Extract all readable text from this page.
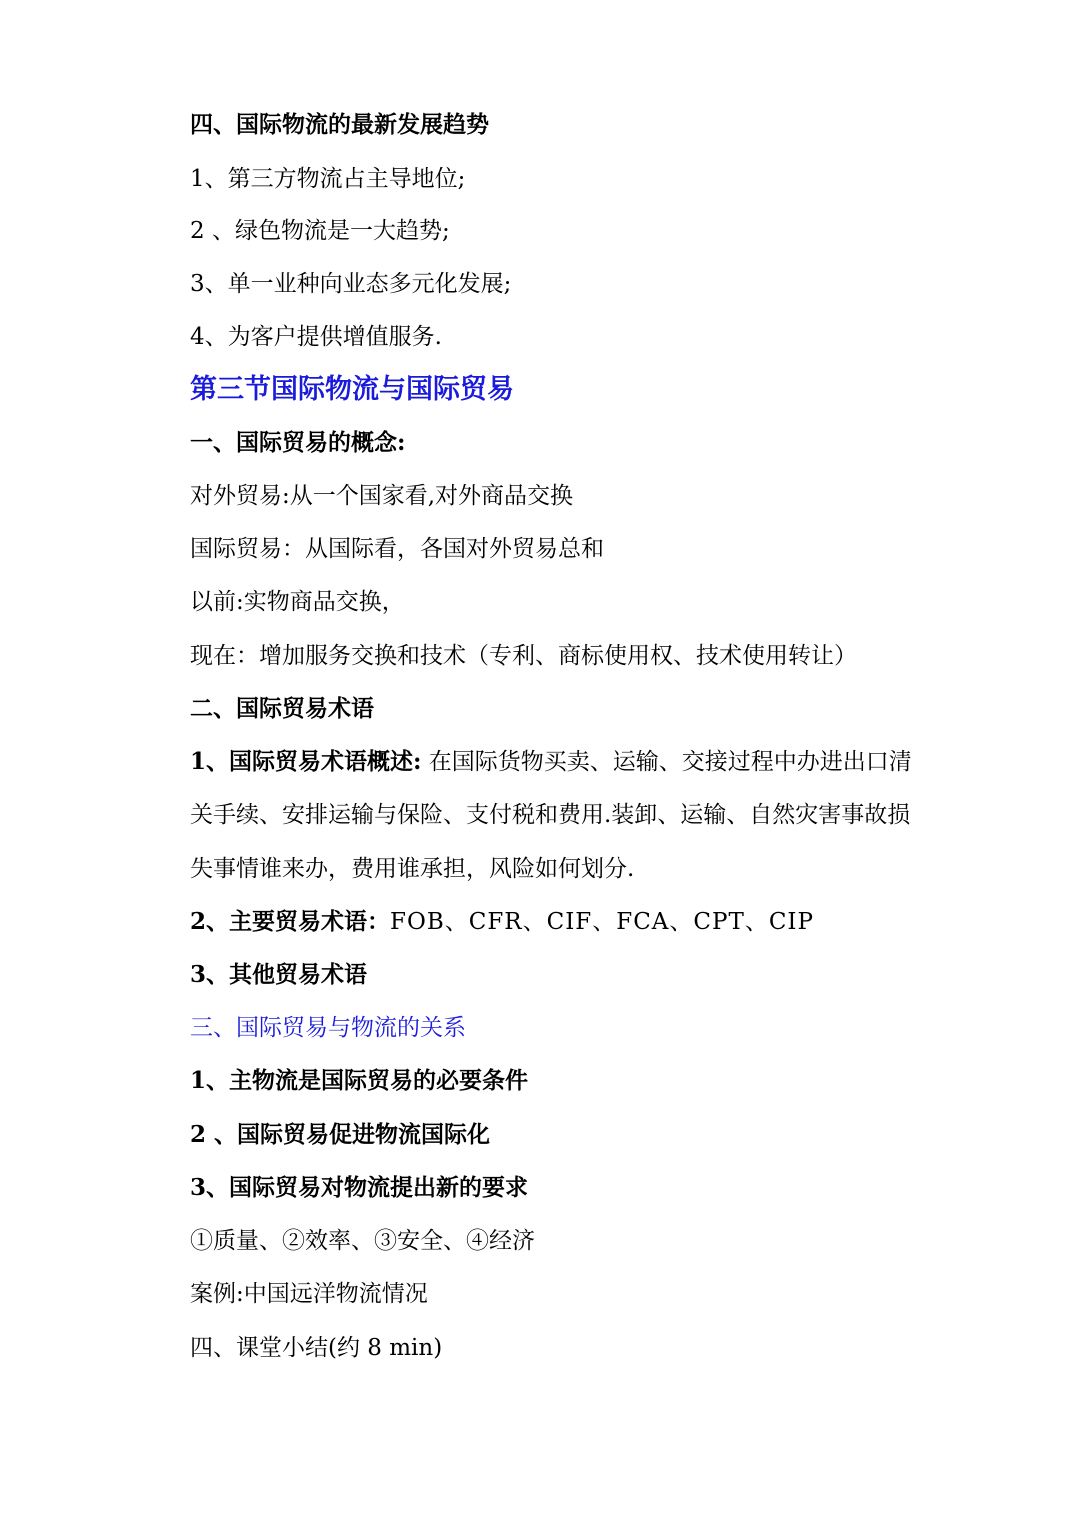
四、国际物流的最新发展趋势
1、第三方物流占主导地位;
2 、绿色物流是一大趋势;
3、单一业种向业态多元化发展;
4、为客户提供增值服务.
第三节国际物流与国际贸易
一、国际贸易的概念:
对外贸易:从一个国家看,对外商品交换
国际贸易：从国际看，各国对外贸易总和
以前:实物商品交换，
现在：增加服务交换和技术（专利、商标使用权、技术使用转让）
二、国际贸易术语
1、国际贸易术语概述: 在国际货物买卖、运输、交接过程中办进出口清
关手续、安排运输与保险、支付税和费用.装卸、运输、自然灾害事故损
失事情谁来办，费用谁承担，风险如何划分.
2、主要贸易术语：FOB、CFR、CIF、FCA、CPT、CIP
3、其他贸易术语
三、国际贸易与物流的关系
1、主物流是国际贸易的必要条件
2 、国际贸易促进物流国际化
3、国际贸易对物流提出新的要求
①质量、②效率、③安全、④经济
案例:中国远洋物流情况
四、课堂小结(约 8 min)
